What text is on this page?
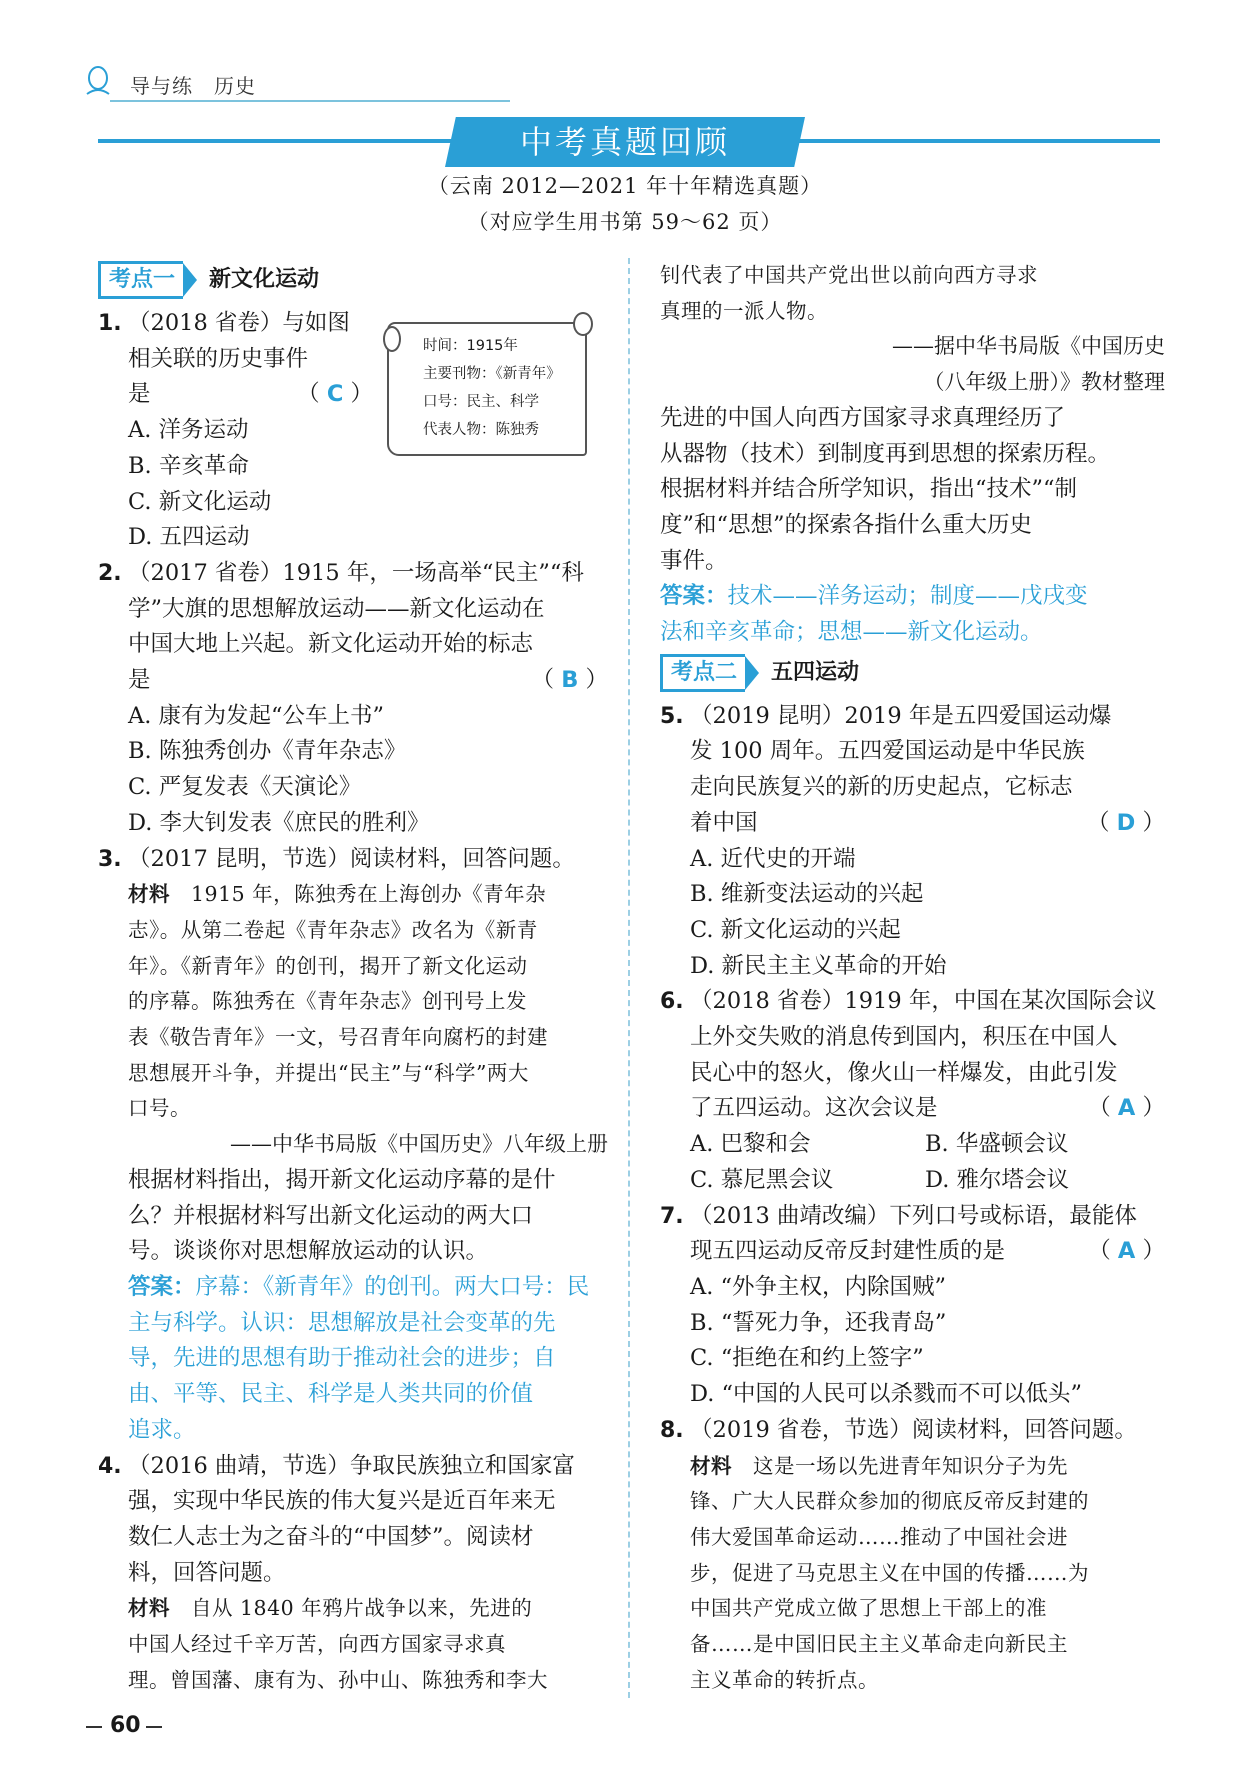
导与练　历史
中考真题回顾
（云南 2012—2021 年十年精选真题）
（对应学生用书第 59～62 页）
考点一	新文化运动
1. （2018 省卷）与如图
相关联的历史事件
是	（ C ）
A. 洋务运动
B. 辛亥革命
C. 新文化运动
D. 五四运动
2. （2017 省卷）1915 年，一场高举“民主”“科
学”大旗的思想解放运动——新文化运动在
中国大地上兴起。新文化运动开始的标志
是	（ B ）
A. 康有为发起“公车上书”
B. 陈独秀创办《青年杂志》
C. 严复发表《天演论》
D. 李大钊发表《庶民的胜利》
3. （2017 昆明，节选）阅读材料，回答问题。
材料　1915 年，陈独秀在上海创办《青年杂
志》。从第二卷起《青年杂志》改名为《新青
年》。《新青年》的创刊，揭开了新文化运动
的序幕。陈独秀在《青年杂志》创刊号上发
表《敬告青年》一文，号召青年向腐朽的封建
思想展开斗争，并提出“民主”与“科学”两大
口号。
——中华书局版《中国历史》八年级上册
根据材料指出，揭开新文化运动序幕的是什
么？并根据材料写出新文化运动的两大口
号。谈谈你对思想解放运动的认识。
答案：序幕：《新青年》的创刊。两大口号：民
主与科学。认识：思想解放是社会变革的先
导，先进的思想有助于推动社会的进步；自
由、平等、民主、科学是人类共同的价值
追求。
4. （2016 曲靖，节选）争取民族独立和国家富
强，实现中华民族的伟大复兴是近百年来无
数仁人志士为之奋斗的“中国梦”。阅读材
料，回答问题。
材料　自从 1840 年鸦片战争以来，先进的
中国人经过千辛万苦，向西方国家寻求真
理。曾国藩、康有为、孙中山、陈独秀和李大
时间：1915年
主要刊物：《新青年》
口号：民主、科学
代表人物：陈独秀
钊代表了中国共产党出世以前向西方寻求
真理的一派人物。
——据中华书局版《中国历史
（八年级上册）》教材整理
先进的中国人向西方国家寻求真理经历了
从器物（技术）到制度再到思想的探索历程。
根据材料并结合所学知识，指出“技术”“制
度”和“思想”的探索各指什么重大历史
事件。
答案：技术——洋务运动；制度——戊戌变
法和辛亥革命；思想——新文化运动。
考点二	五四运动
5. （2019 昆明）2019 年是五四爱国运动爆
发 100 周年。五四爱国运动是中华民族
走向民族复兴的新的历史起点，它标志
着中国	（ D ）
A. 近代史的开端
B. 维新变法运动的兴起
C. 新文化运动的兴起
D. 新民主主义革命的开始
6. （2018 省卷）1919 年，中国在某次国际会议
上外交失败的消息传到国内，积压在中国人
民心中的怒火，像火山一样爆发，由此引发
了五四运动。这次会议是	（ A ）
A. 巴黎和会	B. 华盛顿会议
C. 慕尼黑会议	D. 雅尔塔会议
7. （2013 曲靖改编）下列口号或标语，最能体
现五四运动反帝反封建性质的是	（ A ）
A. “外争主权，内除国贼”
B. “誓死力争，还我青岛”
C. “拒绝在和约上签字”
D. “中国的人民可以杀戮而不可以低头”
8. （2019 省卷，节选）阅读材料，回答问题。
材料　这是一场以先进青年知识分子为先
锋、广大人民群众参加的彻底反帝反封建的
伟大爱国革命运动……推动了中国社会进
步，促进了马克思主义在中国的传播……为
中国共产党成立做了思想上干部上的准
备……是中国旧民主主义革命走向新民主
主义革命的转折点。
60
